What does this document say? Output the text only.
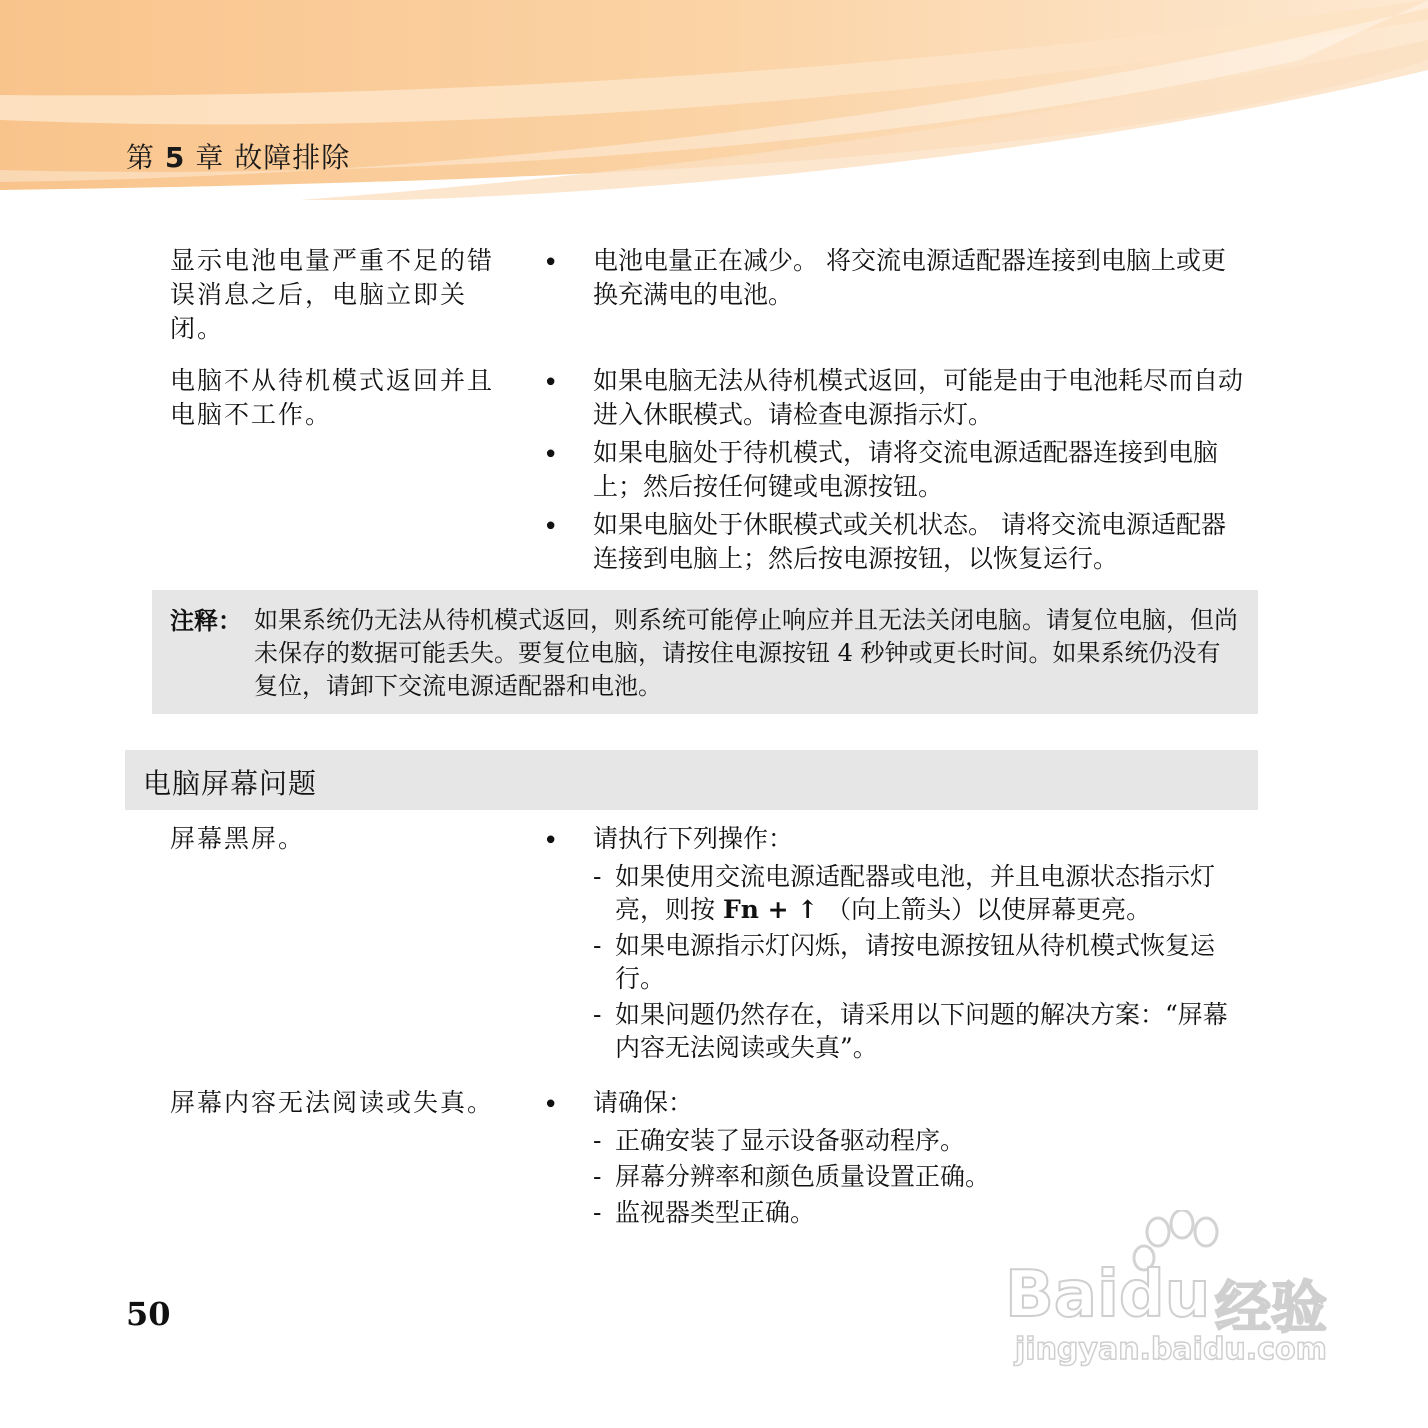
第 5 章 故障排除
显示电池电量严重不足的错误消息之后，电脑立即关闭。
• 电池电量正在减少。 将交流电源适配器连接到电脑上或更换充满电的电池。
电脑不从待机模式返回并且电脑不工作。
• 如果电脑无法从待机模式返回，可能是由于电池耗尽而自动进入休眠模式。请检查电源指示灯。
• 如果电脑处于待机模式，请将交流电源适配器连接到电脑上；然后按任何键或电源按钮。
• 如果电脑处于休眠模式或关机状态。 请将交流电源适配器连接到电脑上；然后按电源按钮，以恢复运行。
注释： 如果系统仍无法从待机模式返回，则系统可能停止响应并且无法关闭电脑。请复位电脑，但尚未保存的数据可能丢失。要复位电脑，请按住电源按钮 4 秒钟或更长时间。如果系统仍没有复位，请卸下交流电源适配器和电池。
电脑屏幕问题
屏幕黑屏。	• 请执行下列操作：
- 如果使用交流电源适配器或电池，并且电源状态指示灯亮，则按 Fn + ↑ （向上箭头）以使屏幕更亮。
- 如果电源指示灯闪烁，请按电源按钮从待机模式恢复运行。
- 如果问题仍然存在，请采用以下问题的解决方案：“屏幕内容无法阅读或失真”。
屏幕内容无法阅读或失真。	• 请确保：
- 正确安装了显示设备驱动程序。
- 屏幕分辨率和颜色质量设置正确。
- 监视器类型正确。
50	Baidu 经验
jingyan.baidu.com
